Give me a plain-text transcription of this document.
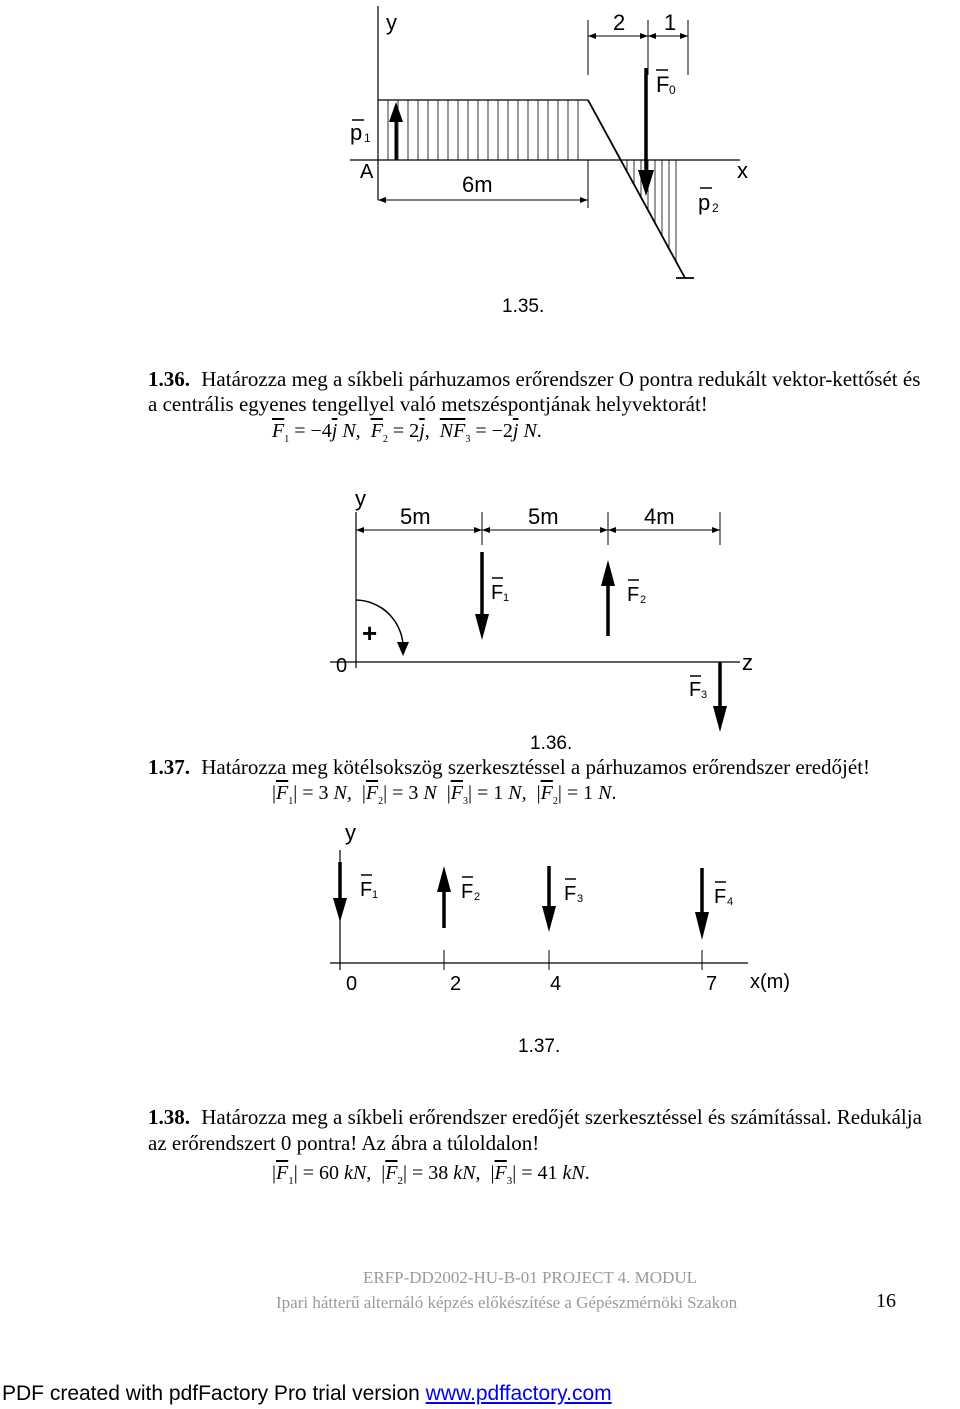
y	2 1
F 0
p 1
x
A	6m
p 2
1.35.
1.36. Határozza meg a síkbeli párhuzamos erőrendszer O pontra redukált vektor-kettősét és
a centrális egyenes tengellyel való metszéspontjának helyvektorát!
$\overline{F}_1 = -4\overline{j}$ N, $\overline{F}_2 = 2\overline{j}$, $\overline{NF}_3 = -2\overline{j}$ N.
y
5m	5m	4m
F 1	F 2
+
0	z
F 3
1.36.
1.37. Határozza meg kötélsokszög szerkesztéssel a párhuzamos erőrendszer eredőjét!
$|\overline{F}_1| = 3$ N,  $|\overline{F}_2| = 3$ N  $|\overline{F}_3| = 1$ N,  $|\overline{F}_2| = 1$ N.
y
F 1	F 2	F 3	F 4
0	2	4	7 x(m)
1.37.
1.38. Határozza meg a síkbeli erőrendszer eredőjét szerkesztéssel és számítással. Redukálja
az erőrendszert 0 pontra! Az ábra a túloldalon!
$|\overline{F}_1| = 60$ kN,  $|\overline{F}_2| = 38$ kN,  $|\overline{F}_3| = 41$ kN.
ERFP-DD2002-HU-B-01 PROJECT 4. MODUL
Ipari hátterű alternáló képzés előkészítése a Gépészmérnöki Szakon	16
PDF created with pdfFactory Pro trial version www.pdffactory.com
